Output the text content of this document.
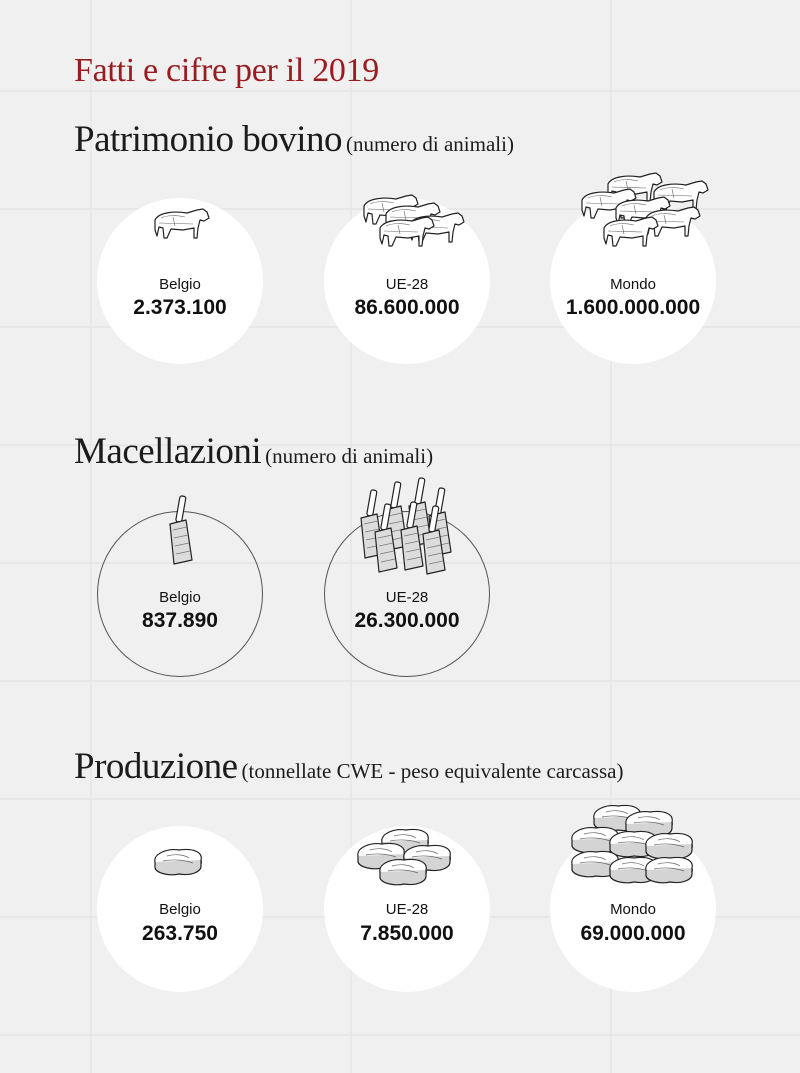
Fatti e cifre per il 2019
Patrimonio bovino (numero di animali)
Belgio
2.373.100
UE-28
86.600.000
Mondo
1.600.000.000
Macellazioni (numero di animali)
Belgio
837.890
UE-28
26.300.000
Produzione (tonnellate CWE - peso equivalente carcassa)
Belgio
263.750
UE-28
7.850.000
Mondo
69.000.000
